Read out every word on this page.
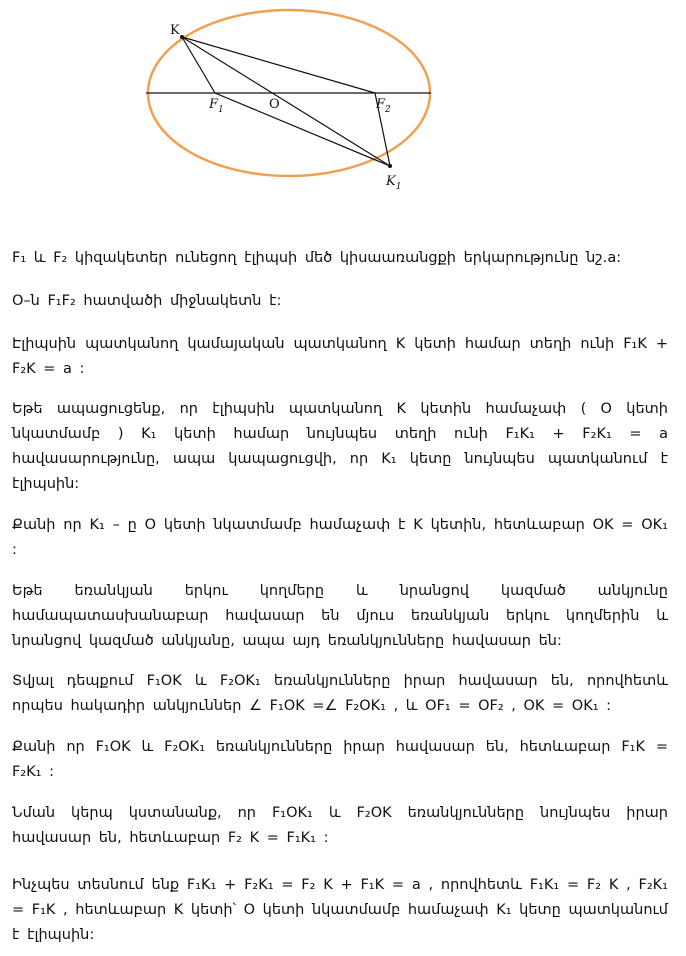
K
$F_1$	O	$F_2$
$K_1$

F₁ և F₂ կիզակետեր ունեցող էլիպսի մեծ կիսաառանցքի երկարությունը նշ․a:

O–ն F₁F₂ հատվածի միջնակետն է:

Էլիպսին պատկանող կամայական պատկանող K կետի համար տեղի ունի F₁K + F₂K = a :

Եթե ապացուցենք, որ էլիպսին պատկանող K կետին համաչափ ( O կետի նկատմամբ ) K₁ կետի համար նույնպես տեղի ունի F₁K₁ + F₂K₁ = a հավասարությունը, ապա կապացուցվի, որ K₁ կետը նույնպես պատկանում է էլիպսին:

Քանի որ K₁ – ը O կետի նկատմամբ համաչափ է K կետին, հետևաբար OK = OK₁ :

Եթե եռանկյան երկու կողմերը և նրանցով կազմած անկյունը համապատասխանաբար հավասար են մյուս եռանկյան երկու կողմերին և նրանցով կազմած անկյանը, ապա այդ եռանկյունները հավասար են:

Տվյալ դեպքում F₁OK և F₂OK₁ եռանկյունները իրար հավասար են, որովհետև որպես հակադիր անկյուններ ∠ F₁OK =∠ F₂OK₁ , և OF₁ = OF₂ , OK = OK₁ :

Քանի որ F₁OK և F₂OK₁ եռանկյունները իրար հավասար են, հետևաբար F₁K = F₂K₁ :

Նման կերպ կստանանք, որ F₁OK₁ և F₂OK եռանկյունները նույնպես իրար հավասար են, հետևաբար F₂ K = F₁K₁ :

Ինչպես տեսնում ենք F₁K₁ + F₂K₁ = F₂ K + F₁K = a , որովհետև F₁K₁ = F₂ K , F₂K₁ = F₁K , հետևաբար K կետի՝ O կետի նկատմամբ համաչափ K₁ կետը պատկանում է էլիպսին:
